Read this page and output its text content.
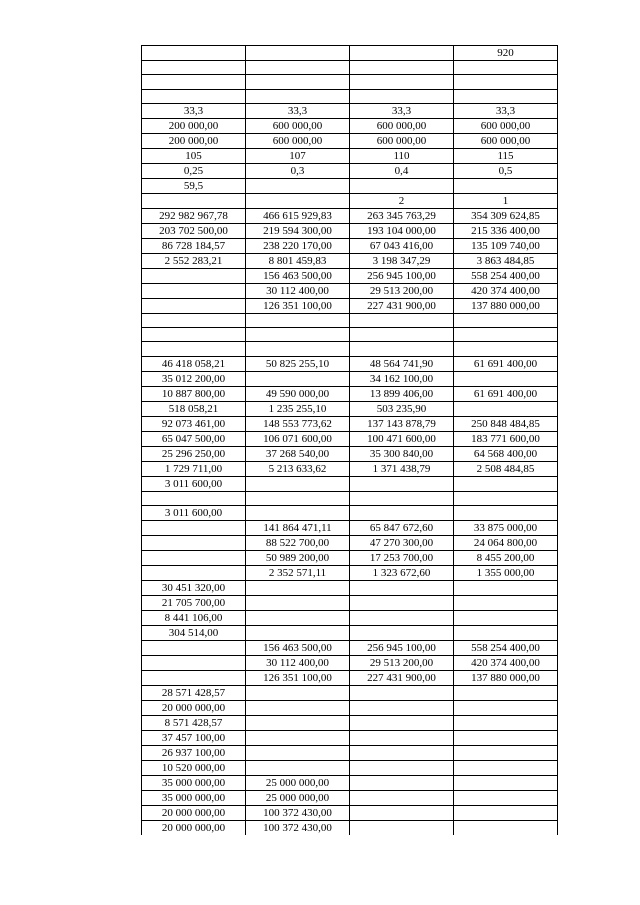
			920

33,3	33,3	33,3	33,3
200 000,00	600 000,00	600 000,00	600 000,00
200 000,00	600 000,00	600 000,00	600 000,00
105	107	110	115
0,25	0,3	0,4	0,5
59,5			
		2	1
292 982 967,78	466 615 929,83	263 345 763,29	354 309 624,85
203 702 500,00	219 594 300,00	193 104 000,00	215 336 400,00
86 728 184,57	238 220 170,00	67 043 416,00	135 109 740,00
2 552 283,21	8 801 459,83	3 198 347,29	3 863 484,85
	156 463 500,00	256 945 100,00	558 254 400,00
	30 112 400,00	29 513 200,00	420 374 400,00
	126 351 100,00	227 431 900,00	137 880 000,00

46 418 058,21	50 825 255,10	48 564 741,90	61 691 400,00
35 012 200,00		34 162 100,00	
10 887 800,00	49 590 000,00	13 899 406,00	61 691 400,00
518 058,21	1 235 255,10	503 235,90	
92 073 461,00	148 553 773,62	137 143 878,79	250 848 484,85
65 047 500,00	106 071 600,00	100 471 600,00	183 771 600,00
25 296 250,00	37 268 540,00	35 300 840,00	64 568 400,00
1 729 711,00	5 213 633,62	1 371 438,79	2 508 484,85
3 011 600,00			

3 011 600,00			
	141 864 471,11	65 847 672,60	33 875 000,00
	88 522 700,00	47 270 300,00	24 064 800,00
	50 989 200,00	17 253 700,00	8 455 200,00
	2 352 571,11	1 323 672,60	1 355 000,00
30 451 320,00			
21 705 700,00			
8 441 106,00			
304 514,00			
	156 463 500,00	256 945 100,00	558 254 400,00
	30 112 400,00	29 513 200,00	420 374 400,00
	126 351 100,00	227 431 900,00	137 880 000,00
28 571 428,57			
20 000 000,00			
8 571 428,57			
37 457 100,00			
26 937 100,00			
10 520 000,00			
35 000 000,00	25 000 000,00		
35 000 000,00	25 000 000,00		
20 000 000,00	100 372 430,00		
20 000 000,00	100 372 430,00		
